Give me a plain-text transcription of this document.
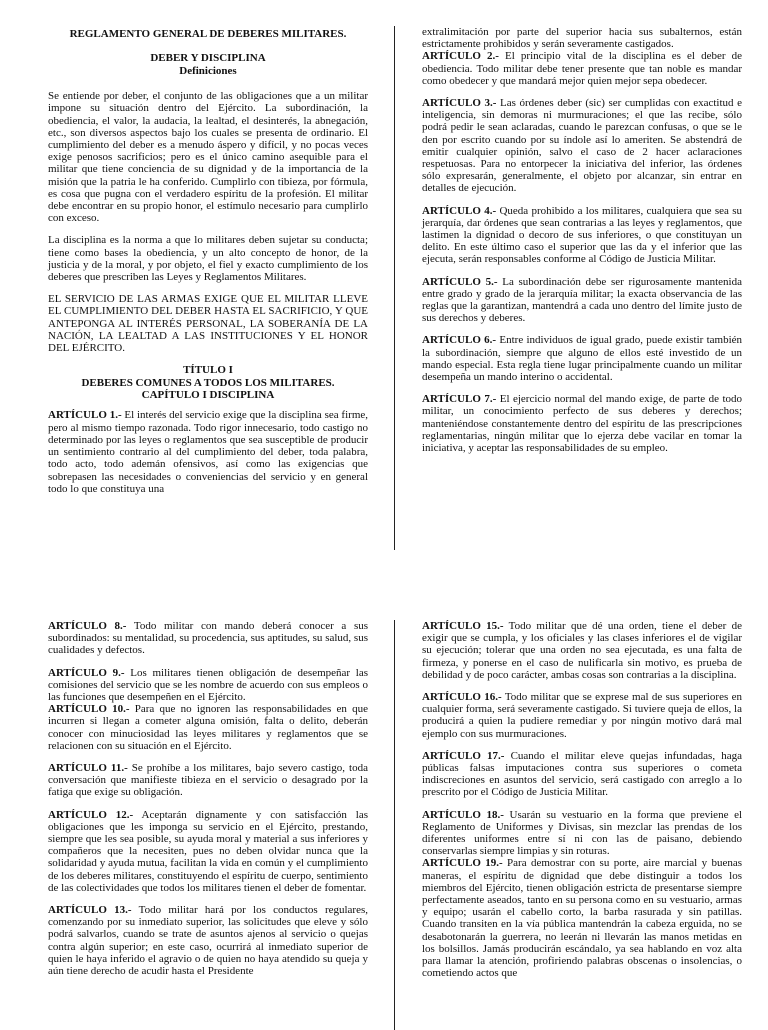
REGLAMENTO GENERAL DE DEBERES MILITARES.
DEBER Y DISCIPLINA
Definiciones

Se entiende por deber, el conjunto de las obligaciones que a un militar impone su situación dentro del Ejército. La subordinación, la obediencia, el valor, la audacia, la lealtad, el desinterés, la abnegación, etc., son diversos aspectos bajo los cuales se presenta de ordinario. El cumplimiento del deber es a menudo áspero y difícil, y no pocas veces exige penosos sacrificios; pero es el único camino asequible para el militar que tiene conciencia de su dignidad y de la importancia de la misión que la patria le ha conferido. Cumplirlo con tibieza, por fórmula, es cosa que pugna con el verdadero espíritu de la profesión. El militar debe encontrar en su propio honor, el estímulo necesario para cumplirlo con exceso.

La disciplina es la norma a que lo militares deben sujetar su conducta; tiene como bases la obediencia, y un alto concepto de honor, de la justicia y de la moral, y por objeto, el fiel y exacto cumplimiento de los deberes que prescriben las Leyes y Reglamentos Militares.

EL SERVICIO DE LAS ARMAS EXIGE QUE EL MILITAR LLEVE EL CUMPLIMIENTO DEL DEBER HASTA EL SACRIFICIO, Y QUE ANTEPONGA AL INTERÉS PERSONAL, LA SOBERANÍA DE LA NACIÓN, LA LEALTAD A LAS INSTITUCIONES Y EL HONOR DEL EJÉRCITO.

TÍTULO I
DEBERES COMUNES A TODOS LOS MILITARES.
CAPÍTULO I DISCIPLINA

ARTÍCULO 1.- El interés del servicio exige que la disciplina sea firme, pero al mismo tiempo razonada. Todo rigor innecesario, todo castigo no determinado por las leyes o reglamentos que sea susceptible de producir un sentimiento contrario al del cumplimiento del deber, toda palabra, todo acto, todo ademán ofensivos, así como las exigencias que sobrepasen las necesidades o conveniencias del servicio y en general todo lo que constituya una

extralimitación por parte del superior hacia sus subalternos, están estrictamente prohibidos y serán severamente castigados.

ARTÍCULO 2.- El principio vital de la disciplina es el deber de obediencia. Todo militar debe tener presente que tan noble es mandar como obedecer y que mandará mejor quien mejor sepa obedecer.

ARTÍCULO 3.- Las órdenes deber (sic) ser cumplidas con exactitud e inteligencia, sin demoras ni murmuraciones; el que las recibe, sólo podrá pedir le sean aclaradas, cuando le parezcan confusas, o que se le den por escrito cuando por su índole así lo ameriten. Se abstendrá de emitir cualquier opinión, salvo el caso de 2 hacer aclaraciones respetuosas. Para no entorpecer la iniciativa del inferior, las órdenes sólo expresarán, generalmente, el objeto por alcanzar, sin entrar en detalles de ejecución.

ARTÍCULO 4.- Queda prohibido a los militares, cualquiera que sea su jerarquía, dar órdenes que sean contrarias a las leyes y reglamentos, que lastimen la dignidad o decoro de sus inferiores, o que constituyan un delito. En este último caso el superior que las da y el inferior que las ejecuta, serán responsables conforme al Código de Justicia Militar.

ARTÍCULO 5.- La subordinación debe ser rigurosamente mantenida entre grado y grado de la jerarquía militar; la exacta observancia de las reglas que la garantizan, mantendrá a cada uno dentro del límite justo de sus derechos y deberes.

ARTÍCULO 6.- Entre individuos de igual grado, puede existir también la subordinación, siempre que alguno de ellos esté investido de un mando especial. Esta regla tiene lugar principalmente cuando un militar desempeña un mando interino o accidental.

ARTÍCULO 7.- El ejercicio normal del mando exige, de parte de todo militar, un conocimiento perfecto de sus deberes y derechos; manteniéndose constantemente dentro del espíritu de las prescripciones reglamentarias, ningún militar que lo ejerza debe vacilar en tomar la iniciativa, y aceptar las responsabilidades de su empleo.

ARTÍCULO 8.- Todo militar con mando deberá conocer a sus subordinados: su mentalidad, su procedencia, sus aptitudes, su salud, sus cualidades y defectos.

ARTÍCULO 9.- Los militares tienen obligación de desempeñar las comisiones del servicio que se les nombre de acuerdo con sus empleos o las funciones que desempeñen en el Ejército.

ARTÍCULO 10.- Para que no ignoren las responsabilidades en que incurren si llegan a cometer alguna omisión, falta o delito, deberán conocer con minuciosidad las leyes militares y reglamentos que se relacionen con su situación en el Ejército.

ARTÍCULO 11.- Se prohíbe a los militares, bajo severo castigo, toda conversación que manifieste tibieza en el servicio o desagrado por la fatiga que exige su obligación.

ARTÍCULO 12.- Aceptarán dignamente y con satisfacción las obligaciones que les imponga su servicio en el Ejército, prestando, siempre que les sea posible, su ayuda moral y material a sus inferiores y compañeros que la necesiten, pues no deben olvidar nunca que la solidaridad y ayuda mutua, facilitan la vida en común y el cumplimiento de los deberes militares, constituyendo el espíritu de cuerpo, sentimiento de las colectividades que todos los militares tienen el deber de fomentar.

ARTÍCULO 13.- Todo militar hará por los conductos regulares, comenzando por su inmediato superior, las solicitudes que eleve y sólo podrá salvarlos, cuando se trate de asuntos ajenos al servicio o quejas contra algún superior; en este caso, ocurrirá al inmediato superior de quien le haya inferido el agravio o de quien no haya atendido su queja y aún tiene derecho de acudir hasta el Presidente

ARTÍCULO 15.- Todo militar que dé una orden, tiene el deber de exigir que se cumpla, y los oficiales y las clases inferiores el de vigilar su ejecución; tolerar que una orden no sea ejecutada, es una falta de firmeza, y ponerse en el caso de nulificarla sin motivo, es prueba de debilidad y de poco carácter, ambas cosas son contrarias a la disciplina.

ARTÍCULO 16.- Todo militar que se exprese mal de sus superiores en cualquier forma, será severamente castigado. Si tuviere queja de ellos, la producirá a quien la pudiere remediar y por ningún motivo dará mal ejemplo con sus murmuraciones.

ARTÍCULO 17.- Cuando el militar eleve quejas infundadas, haga públicas falsas imputaciones contra sus superiores o cometa indiscreciones en asuntos del servicio, será castigado con arreglo a lo prescrito por el Código de Justicia Militar.

ARTÍCULO 18.- Usarán su vestuario en la forma que previene el Reglamento de Uniformes y Divisas, sin mezclar las prendas de los diferentes uniformes entre sí ni con las de paisano, debiendo conservarlas siempre limpias y sin roturas.

ARTÍCULO 19.- Para demostrar con su porte, aire marcial y buenas maneras, el espíritu de dignidad que debe distinguir a todos los miembros del Ejército, tienen obligación estricta de presentarse siempre perfectamente aseados, tanto en su persona como en su vestuario, armas y equipo; usarán el cabello corto, la barba rasurada y sin patillas. Cuando transiten en la vía pública mantendrán la cabeza erguida, no se desabotonarán la guerrera, no leerán ni llevarán las manos metidas en los bolsillos. Jamás producirán escándalo, ya sea hablando en voz alta para llamar la atención, profiriendo palabras obscenas o insolencias, o cometiendo actos que
